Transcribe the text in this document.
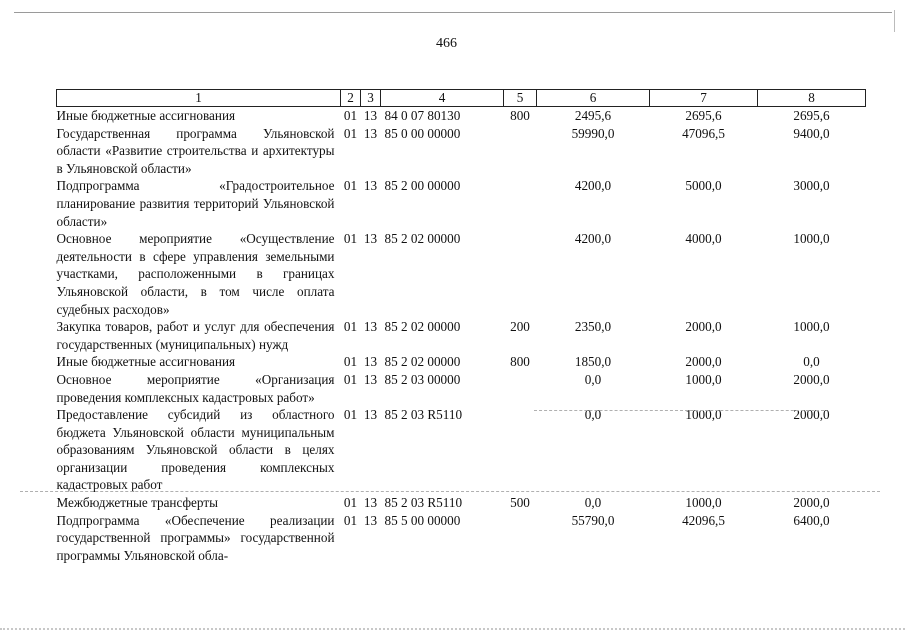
466
1	2	3	4	5	6	7	8
Иные бюджетные ассигнования	01	13	84 0 07 80130	800	2495,6	2695,6	2695,6
Государственная программа Ульяновской области «Развитие строительства и архитектуры в Ульяновской области»	01	13	85 0 00 00000		59990,0	47096,5	9400,0
Подпрограмма «Градостроительное планирование развития территорий Ульяновской области»	01	13	85 2 00 00000		4200,0	5000,0	3000,0
Основное мероприятие «Осуществление деятельности в сфере управления земельными участками, расположенными в границах Ульяновской области, в том числе оплата судебных расходов»	01	13	85 2 02 00000		4200,0	4000,0	1000,0
Закупка товаров, работ и услуг для обеспечения государственных (муниципальных) нужд	01	13	85 2 02 00000	200	2350,0	2000,0	1000,0
Иные бюджетные ассигнования	01	13	85 2 02 00000	800	1850,0	2000,0	0,0
Основное мероприятие «Организация проведения комплексных кадастровых работ»	01	13	85 2 03 00000		0,0	1000,0	2000,0
Предоставление субсидий из областного бюджета Ульяновской области муниципальным образованиям Ульяновской области в целях организации проведения комплексных кадастровых работ	01	13	85 2 03 R5110		0,0	1000,0	2000,0
Межбюджетные трансферты	01	13	85 2 03 R5110	500	0,0	1000,0	2000,0
Подпрограмма «Обеспечение реализации государственной программы» государственной программы Ульяновской обла-	01	13	85 5 00 00000		55790,0	42096,5	6400,0
